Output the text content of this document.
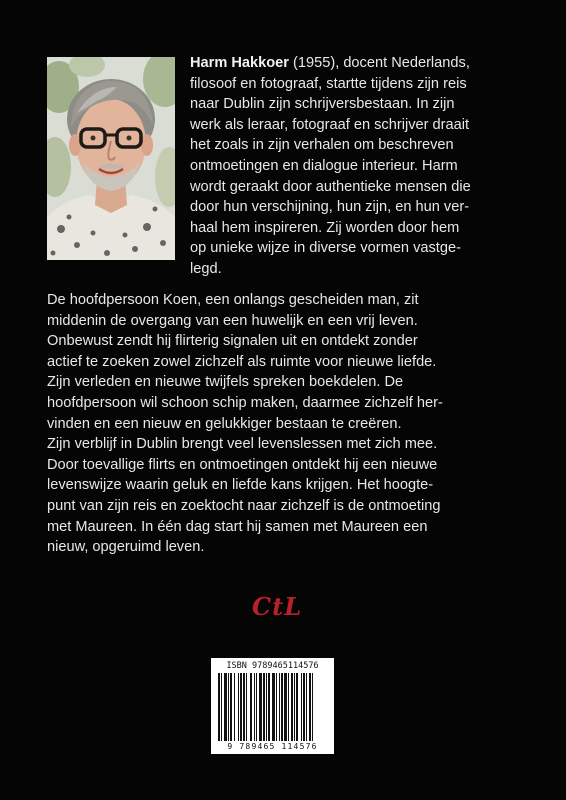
Harm Hakkoer (1955), docent Nederlands,
filosoof en fotograaf, startte tijdens zijn reis
naar Dublin zijn schrijversbestaan. In zijn
werk als leraar, fotograaf en schrijver draait
het zoals in zijn verhalen om beschreven
ontmoetingen en dialogue interieur. Harm
wordt geraakt door authentieke mensen die
door hun verschijning, hun zijn, en hun ver-
haal hem inspireren. Zij worden door hem
op unieke wijze in diverse vormen vastge-
legd.
De hoofdpersoon Koen, een onlangs gescheiden man, zit
middenin de overgang van een huwelijk en een vrij leven.
Onbewust zendt hij flirterig signalen uit en ontdekt zonder
actief te zoeken zowel zichzelf als ruimte voor nieuwe liefde.
Zijn verleden en nieuwe twijfels spreken boekdelen. De
hoofdpersoon wil schoon schip maken, daarmee zichzelf her-
vinden en een nieuw en gelukkiger bestaan te creëren.
Zijn verblijf in Dublin brengt veel levenslessen met zich mee.
Door toevallige flirts en ontmoetingen ontdekt hij een nieuwe
levenswijze waarin geluk en liefde kans krijgen. Het hoogte-
punt van zijn reis en zoektocht naar zichzelf is de ontmoeting
met Maureen. In één dag start hij samen met Maureen een
nieuw, opgeruimd leven.
CtL
ISBN 9789465114576
9 789465 114576
